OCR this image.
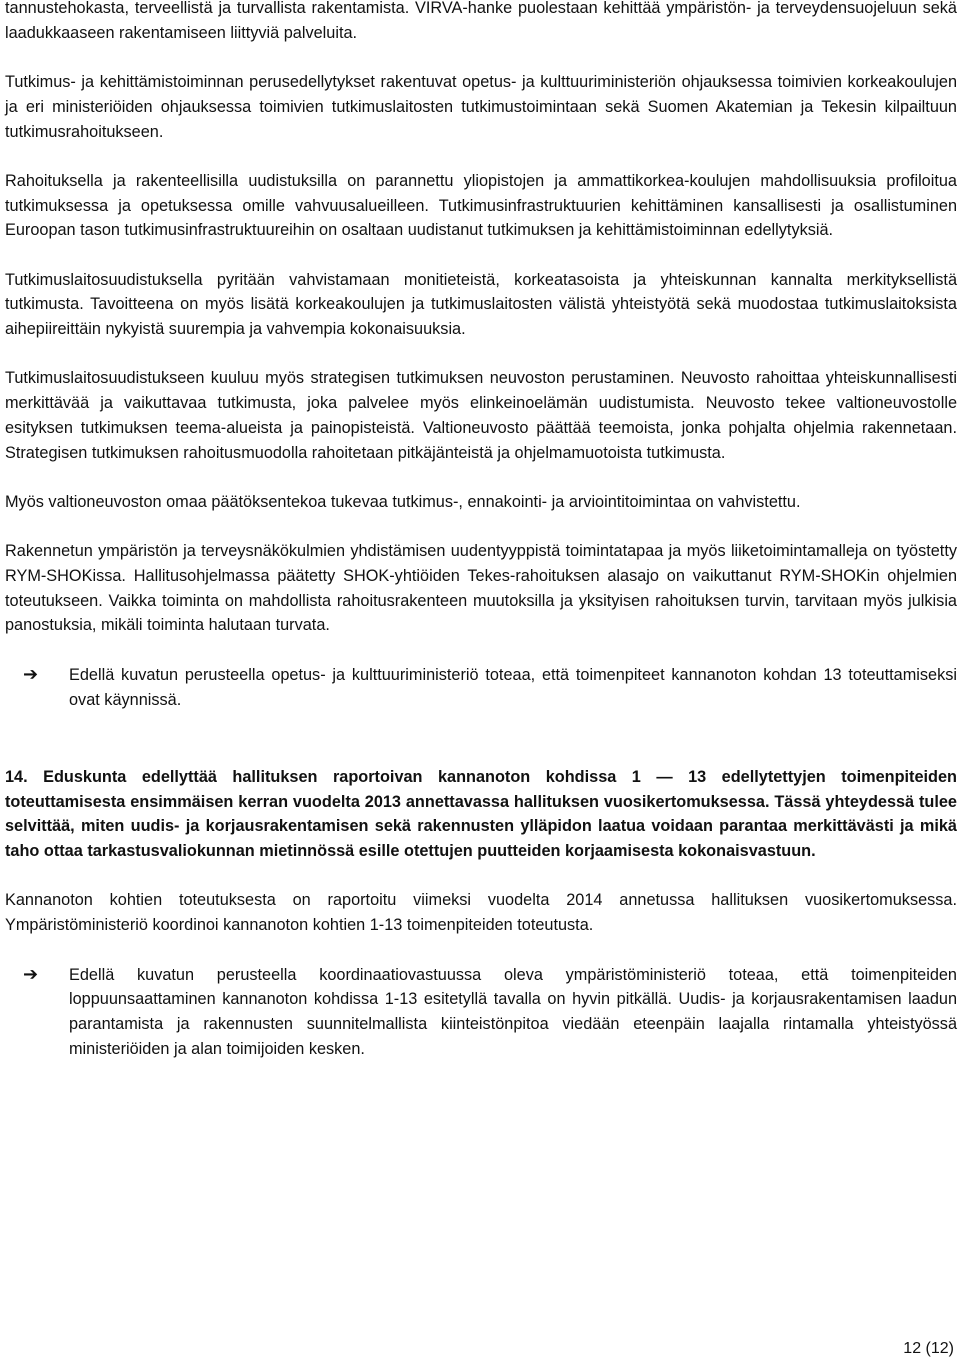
tannustehokasta, terveellistä ja turvallista rakentamista. VIRVA-hanke puolestaan kehittää ympäristön- ja terveydensuojeluun sekä laadukkaaseen rakentamiseen liittyviä palveluita.

Tutkimus- ja kehittämistoiminnan perusedellytykset rakentuvat opetus- ja kulttuuriministeriön ohjauksessa toimivien korkeakoulujen ja eri ministeriöiden ohjauksessa toimivien tutkimuslaitosten tutkimustoimintaan sekä Suomen Akatemian ja Tekesin kilpailtuun tutkimusrahoitukseen.

Rahoituksella ja rakenteellisilla uudistuksilla on parannettu yliopistojen ja ammattikorkea-koulujen mahdollisuuksia profiloitua tutkimuksessa ja opetuksessa omille vahvuusalueilleen. Tutkimusinfrastruktuurien kehittäminen kansallisesti ja osallistuminen Euroopan tason tutkimusinfrastruktuureihin on osaltaan uudistanut tutkimuksen ja kehittämistoiminnan edellytyksiä.

Tutkimuslaitosuudistuksella pyritään vahvistamaan monitieteistä, korkeatasoista ja yhteiskunnan kannalta merkityksellistä tutkimusta. Tavoitteena on myös lisätä korkeakoulujen ja tutkimuslaitosten välistä yhteistyötä sekä muodostaa tutkimuslaitoksista aihepiireittäin nykyistä suurempia ja vahvempia kokonaisuuksia.

Tutkimuslaitosuudistukseen kuuluu myös strategisen tutkimuksen neuvoston perustaminen. Neuvosto rahoittaa yhteiskunnallisesti merkittävää ja vaikuttavaa tutkimusta, joka palvelee myös elinkeinoelämän uudistumista. Neuvosto tekee valtioneuvostolle esityksen tutkimuksen teema-alueista ja painopisteistä. Valtioneuvosto päättää teemoista, jonka pohjalta ohjelmia rakennetaan. Strategisen tutkimuksen rahoitusmuodolla rahoitetaan pitkäjänteistä ja ohjelmamuotoista tutkimusta.

Myös valtioneuvoston omaa päätöksentekoa tukevaa tutkimus-, ennakointi- ja arviointitoimintaa on vahvistettu.

Rakennetun ympäristön ja terveysnäkökulmien yhdistämisen uudentyyppistä toimintatapaa ja myös liiketoimintamalleja on työstetty RYM-SHOKissa. Hallitusohjelmassa päätetty SHOK-yhtiöiden Tekes-rahoituksen alasajo on vaikuttanut RYM-SHOKin ohjelmien toteutukseen. Vaikka toiminta on mahdollista rahoitusrakenteen muutoksilla ja yksityisen rahoituksen turvin, tarvitaan myös julkisia panostuksia, mikäli toiminta halutaan turvata.

➔	Edellä kuvatun perusteella opetus- ja kulttuuriministeriö toteaa, että toimenpiteet kannanoton kohdan 13 toteuttamiseksi ovat käynnissä.

14. Eduskunta edellyttää hallituksen raportoivan kannanoton kohdissa 1 — 13 edellytettyjen toimenpiteiden toteuttamisesta ensimmäisen kerran vuodelta 2013 annettavassa hallituksen vuosikertomuksessa. Tässä yhteydessä tulee selvittää, miten uudis- ja korjausrakentamisen sekä rakennusten ylläpidon laatua voidaan parantaa merkittävästi ja mikä taho ottaa tarkastusvaliokunnan mietinnössä esille otettujen puutteiden korjaamisesta kokonaisvastuun.

Kannanoton kohtien toteutuksesta on raportoitu viimeksi vuodelta 2014 annetussa hallituksen vuosikertomuksessa. Ympäristöministeriö koordinoi kannanoton kohtien 1-13 toimenpiteiden toteutusta.

➔	Edellä kuvatun perusteella koordinaatiovastuussa oleva ympäristöministeriö toteaa, että toimenpiteiden loppuunsaattaminen kannanoton kohdissa 1-13 esitetyllä tavalla on hyvin pitkällä. Uudis- ja korjausrakentamisen laadun parantamista ja rakennusten suunnitelmallista kiinteistönpitoa viedään eteenpäin laajalla rintamalla yhteistyössä ministeriöiden ja alan toimijoiden kesken.
12 (12)
